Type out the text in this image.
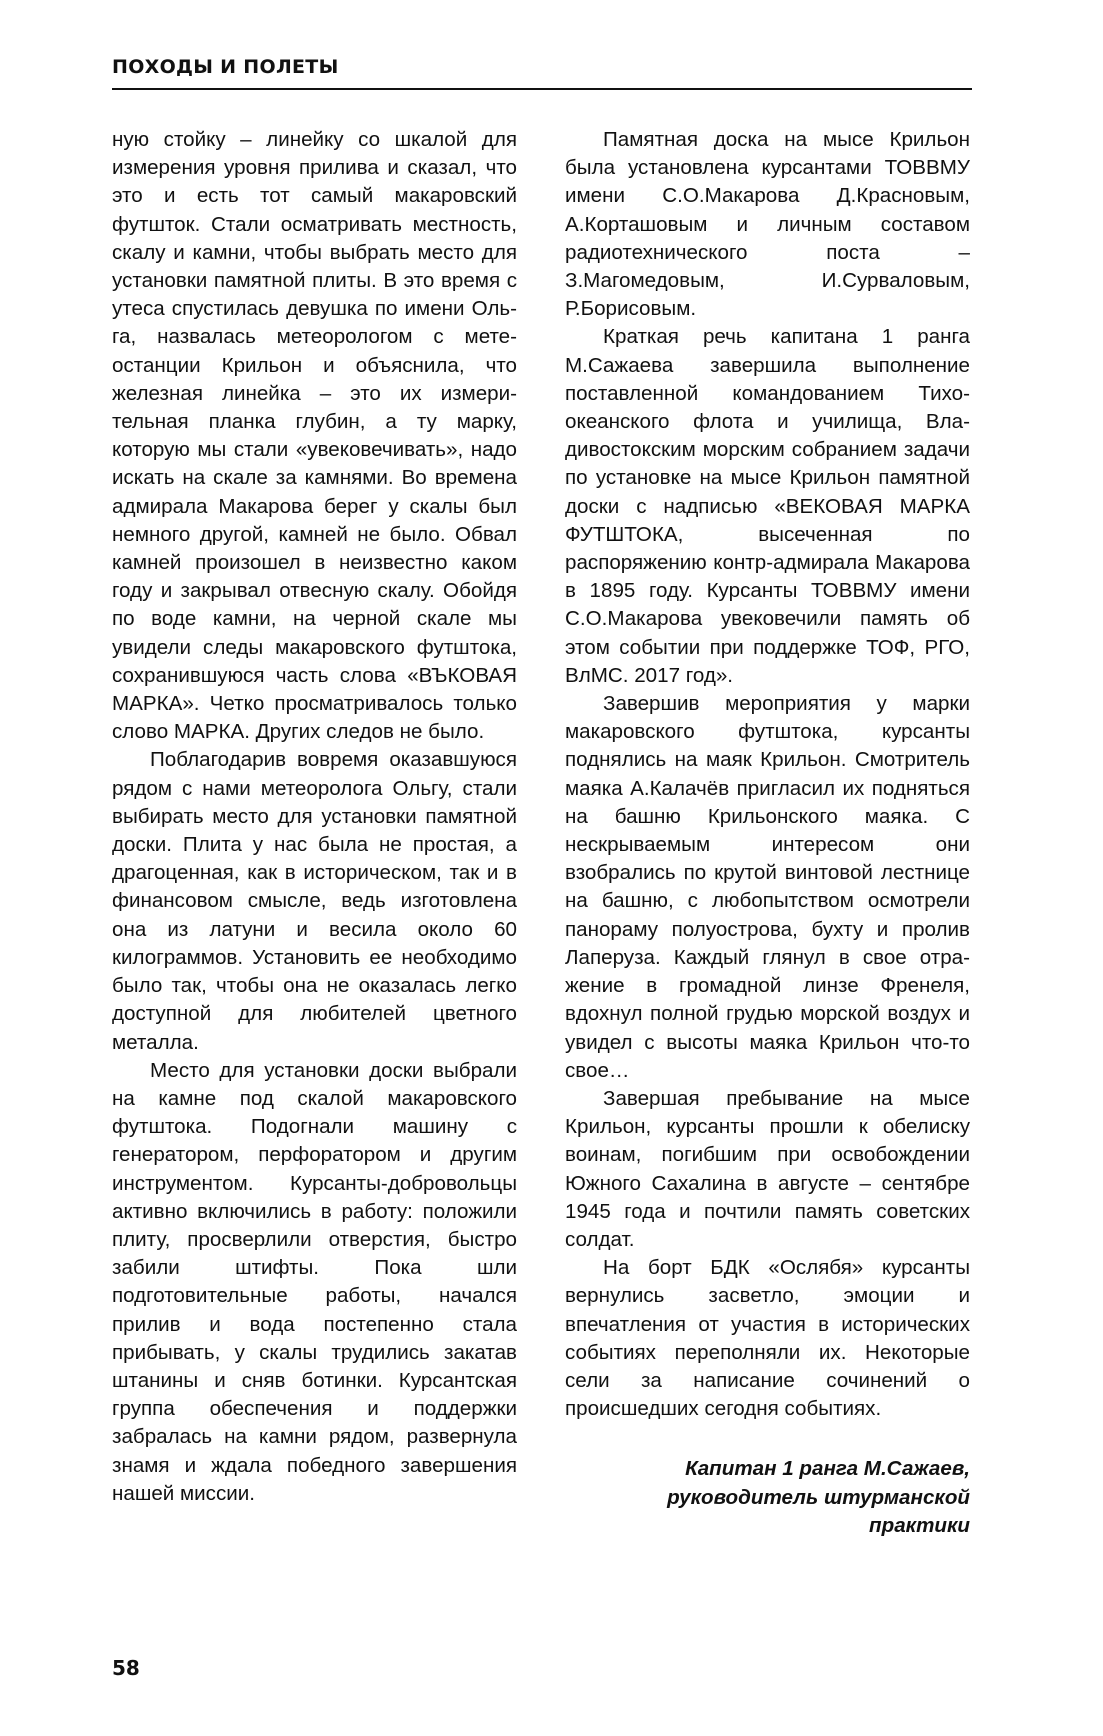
ПОХОДЫ И ПОЛЕТЫ

ную стойку – линейку со шкалой для измерения уровня прилива и сказал, что это и есть тот самый макаровский футшток. Стали осматривать местность, скалу и камни, чтобы выбрать место для установки памятной плиты. В это время с утеса спустилась девушка по имени Ольга, назвалась метеорологом с метеостанции Крильон и объяснила, что железная линейка – это их измерительная планка глубин, а ту марку, которую мы стали «увековечивать», надо искать на скале за камнями. Во времена адмирала Макарова берег у скалы был немного другой, камней не было. Обвал камней произошел в неизвестно каком году и закрывал отвесную скалу. Обойдя по воде камни, на черной скале мы увидели следы макаровского футштока, сохранившуюся часть слова «ВЪКОВАЯ МАРКА». Четко просматривалось только слово МАРКА. Других следов не было.

Поблагодарив вовремя оказавшуюся рядом с нами метеоролога Ольгу, стали выбирать место для установки памятной доски. Плита у нас была не простая, а драгоценная, как в историческом, так и в финансовом смысле, ведь изготовлена она из латуни и весила около 60 килограммов. Установить ее необходимо было так, чтобы она не оказалась легко доступной для любителей цветного металла.

Место для установки доски выбрали на камне под скалой макаровского футштока. Подогнали машину с генератором, перфоратором и другим инструментом. Курсанты-добровольцы активно включились в работу: положили плиту, просверлили отверстия, быстро забили штифты. Пока шли подготовительные работы, начался прилив и вода постепенно стала прибывать, у скалы трудились закатав штанины и сняв ботинки. Курсантская группа обеспечения и поддержки забралась на камни рядом, развернула знамя и ждала победного завершения нашей миссии.

Памятная доска на мысе Крильон была установлена курсантами ТОВВМУ имени С.О.Макарова Д.Красновым, А.Корташовым и личным составом радиотехнического поста – З.Магомедовым, И.Сурваловым, Р.Борисовым.

Краткая речь капитана 1 ранга М.Сажаева завершила выполнение поставленной командованием Тихоокеанского флота и училища, Владивостокским морским собранием задачи по установке на мысе Крильон памятной доски с надписью «ВЕКОВАЯ МАРКА ФУТШТОКА, высеченная по распоряжению контр-адмирала Макарова в 1895 году. Курсанты ТОВВМУ имени С.О.Макарова увековечили память об этом событии при поддержке ТОФ, РГО, ВлМС. 2017 год».

Завершив мероприятия у марки макаровского футштока, курсанты поднялись на маяк Крильон. Смотритель маяка А.Калачёв пригласил их подняться на башню Крильонского маяка. С нескрываемым интересом они взобрались по крутой винтовой лестнице на башню, с любопытством осмотрели панораму полуострова, бухту и пролив Лаперуза. Каждый глянул в свое отражение в громадной линзе Френеля, вдохнул полной грудью морской воздух и увидел с высоты маяка Крильон что-то свое…

Завершая пребывание на мысе Крильон, курсанты прошли к обелиску воинам, погибшим при освобождении Южного Сахалина в августе – сентябре 1945 года и почтили память советских солдат.

На борт БДК «Ослябя» курсанты вернулись засветло, эмоции и впечатления от участия в исторических событиях переполняли их. Некоторые сели за написание сочинений о происшедших сегодня событиях.

Капитан 1 ранга М.Сажаев,
руководитель штурманской
практики
58
